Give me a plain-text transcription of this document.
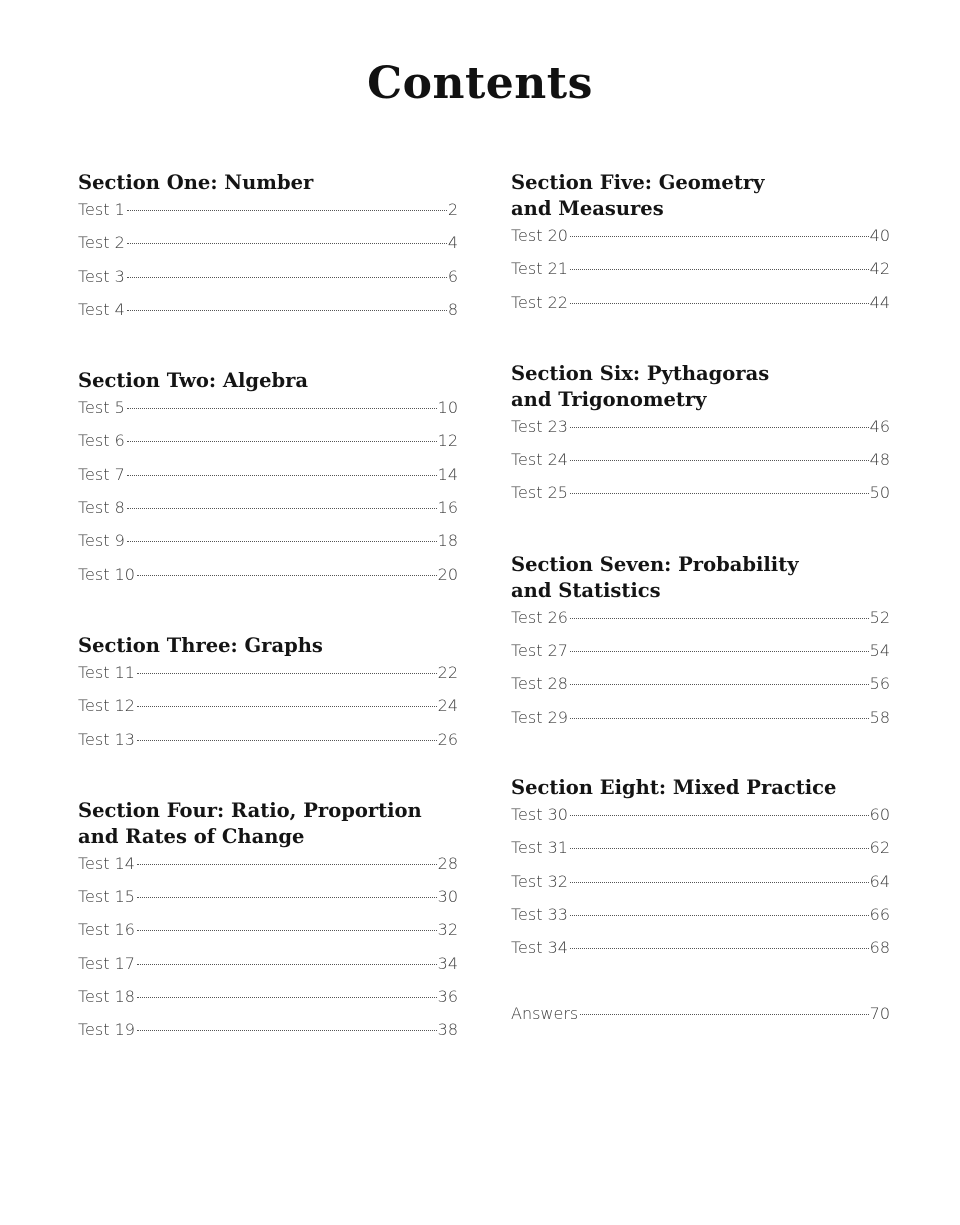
Contents
Section One: Number
Test 1	2
Test 2	4
Test 3	6
Test 4	8
Section Two: Algebra
Test 5	10
Test 6	12
Test 7	14
Test 8	16
Test 9	18
Test 10	20
Section Three: Graphs
Test 11	22
Test 12	24
Test 13	26
Section Four: Ratio, Proportion
and Rates of Change
Test 14	28
Test 15	30
Test 16	32
Test 17	34
Test 18	36
Test 19	38
Section Five: Geometry
and Measures
Test 20	40
Test 21	42
Test 22	44
Section Six: Pythagoras
and Trigonometry
Test 23	46
Test 24	48
Test 25	50
Section Seven: Probability
and Statistics
Test 26	52
Test 27	54
Test 28	56
Test 29	58
Section Eight: Mixed Practice
Test 30	60
Test 31	62
Test 32	64
Test 33	66
Test 34	68
Answers	70
